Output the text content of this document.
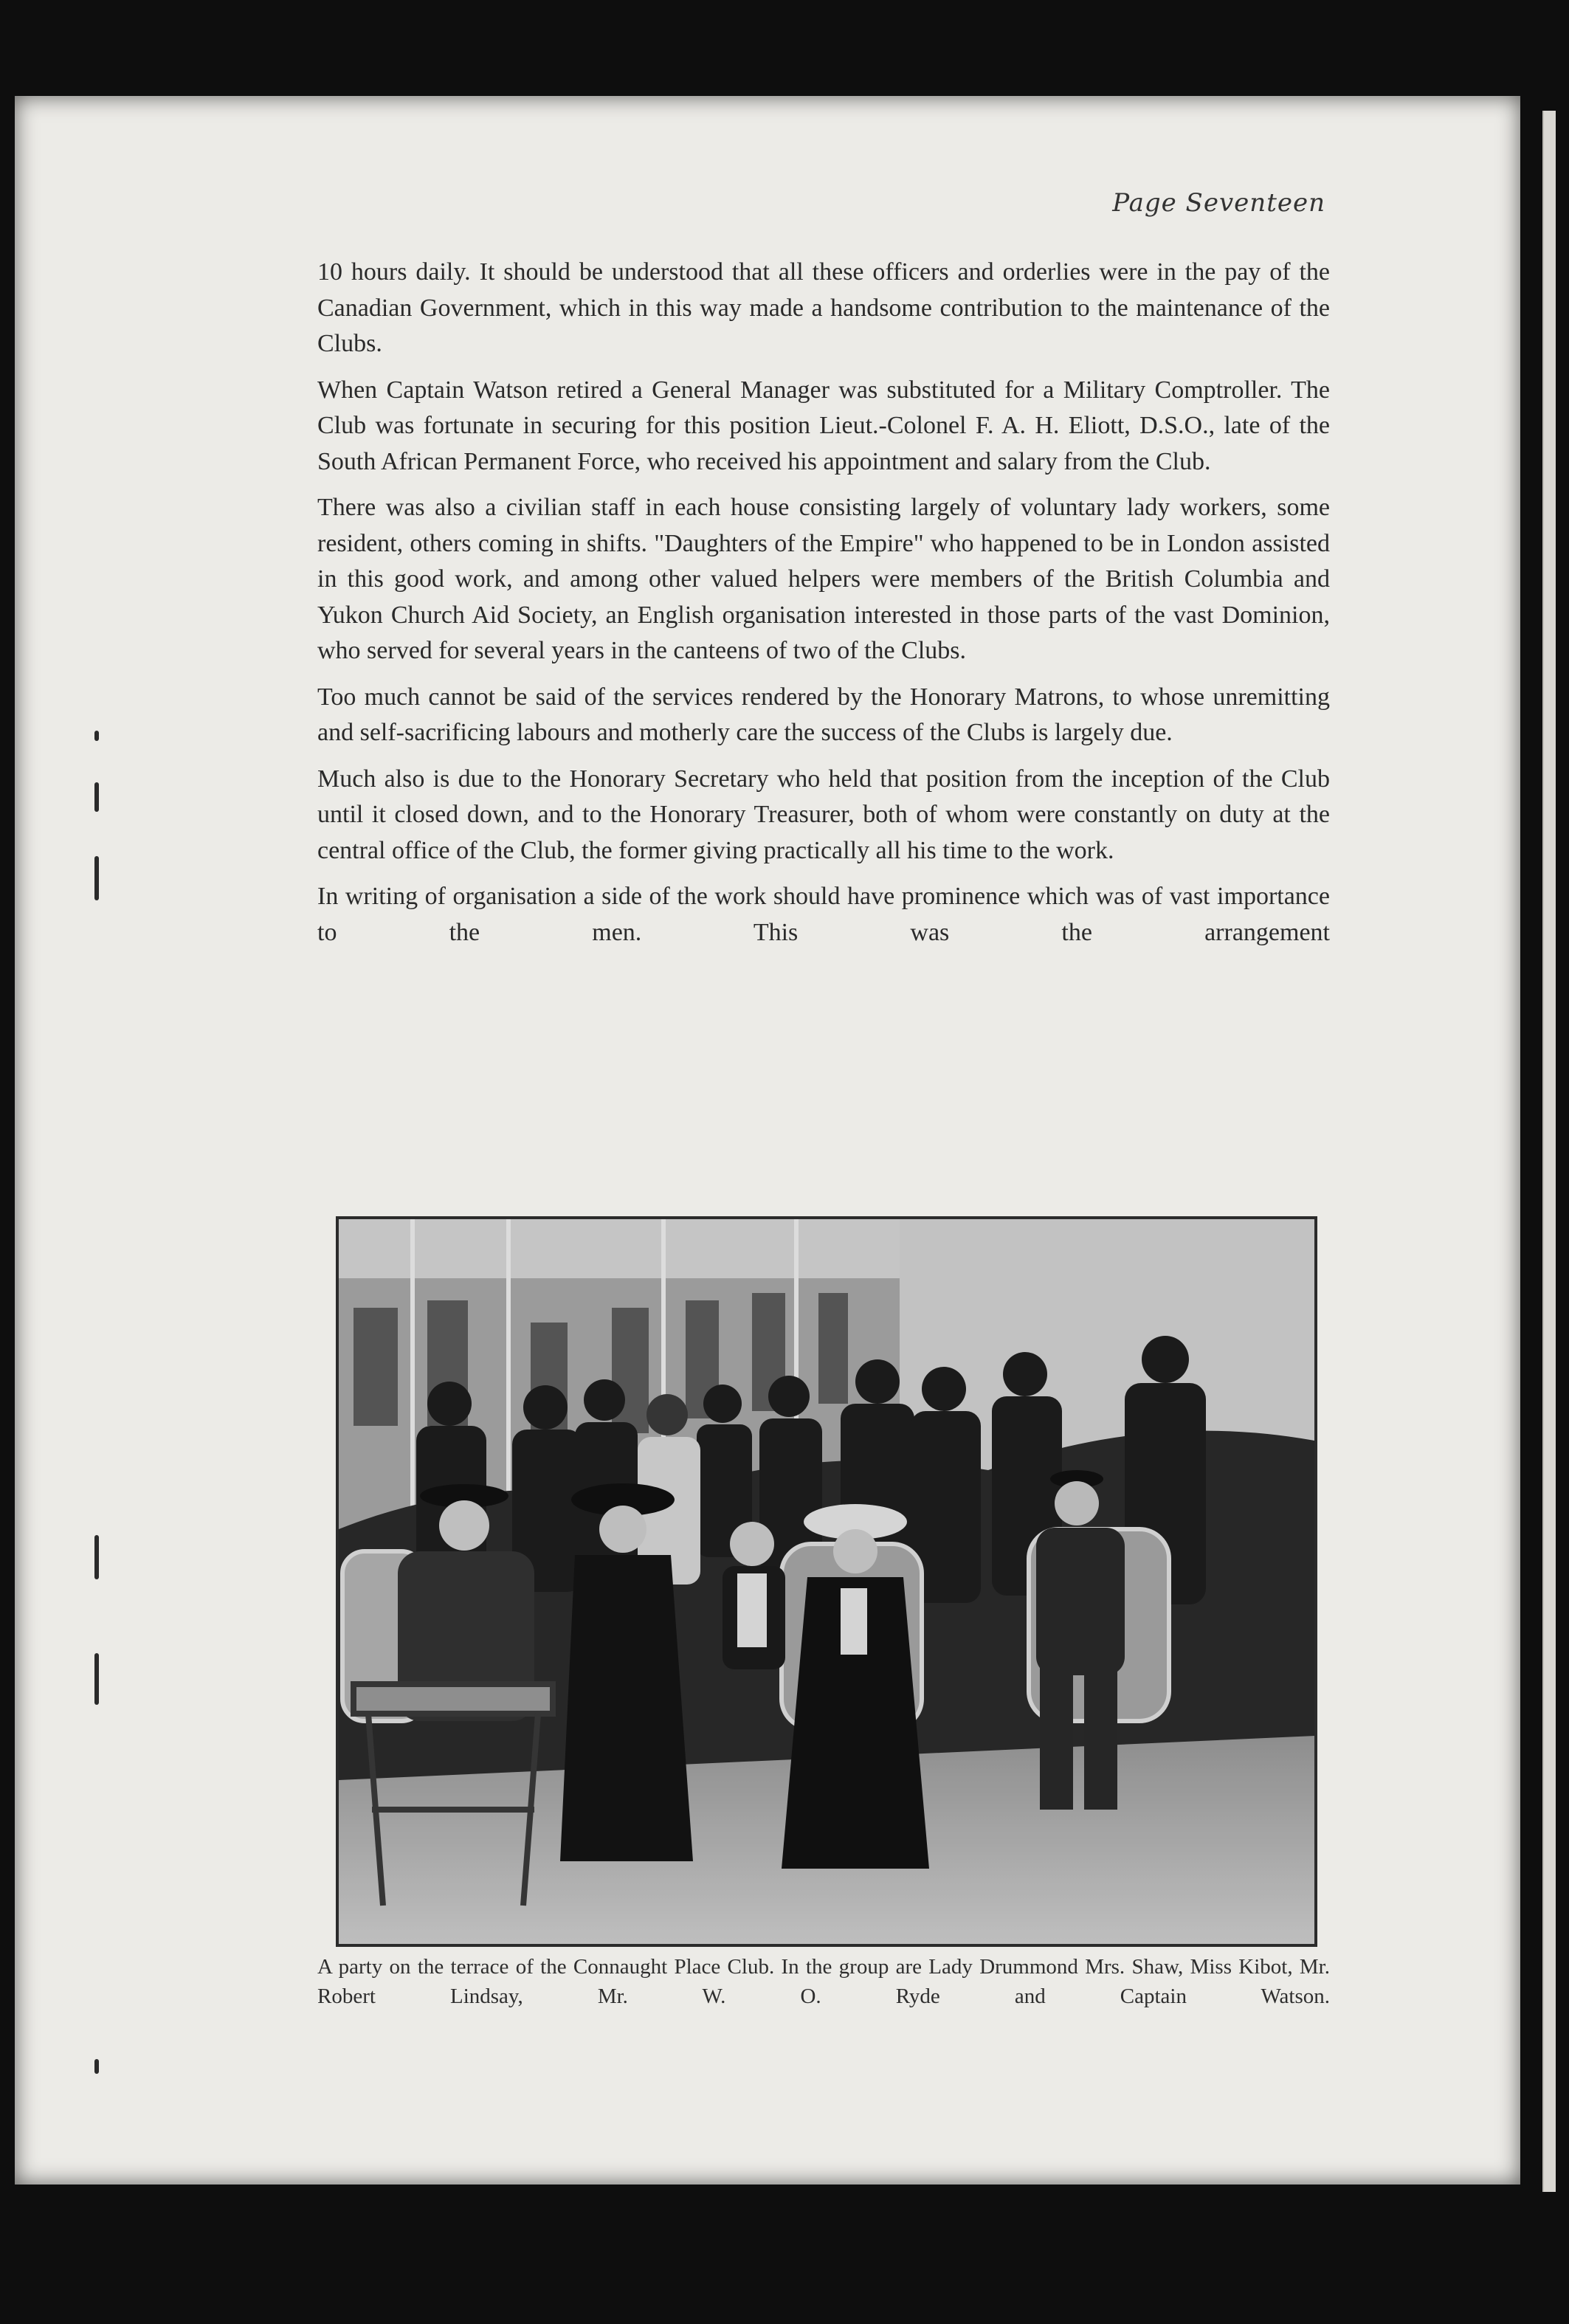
Page Seventeen

10 hours daily. It should be understood that all these officers and orderlies were in the pay of the Canadian Government, which in this way made a handsome contribution to the maintenance of the Clubs.

When Captain Watson retired a General Manager was substituted for a Military Comptroller. The Club was fortunate in securing for this position Lieut.-Colonel F. A. H. Eliott, D.S.O., late of the South African Permanent Force, who received his appointment and salary from the Club.

There was also a civilian staff in each house consisting largely of voluntary lady workers, some resident, others coming in shifts. "Daughters of the Empire" who happened to be in London assisted in this good work, and among other valued helpers were members of the British Columbia and Yukon Church Aid Society, an English organisation interested in those parts of the vast Dominion, who served for several years in the canteens of two of the Clubs.

Too much cannot be said of the services rendered by the Honorary Matrons, to whose unremitting and self-sacrificing labours and motherly care the success of the Clubs is largely due.

Much also is due to the Honorary Secretary who held that position from the inception of the Club until it closed down, and to the Honorary Treasurer, both of whom were constantly on duty at the central office of the Club, the former giving practically all his time to the work.

In writing of organisation a side of the work should have prominence which was of vast importance to the men. This was the arrangement

A party on the terrace of the Connaught Place Club. In the group are Lady Drummond Mrs. Shaw, Miss Kibot, Mr. Robert Lindsay, Mr. W. O. Ryde and Captain Watson.
